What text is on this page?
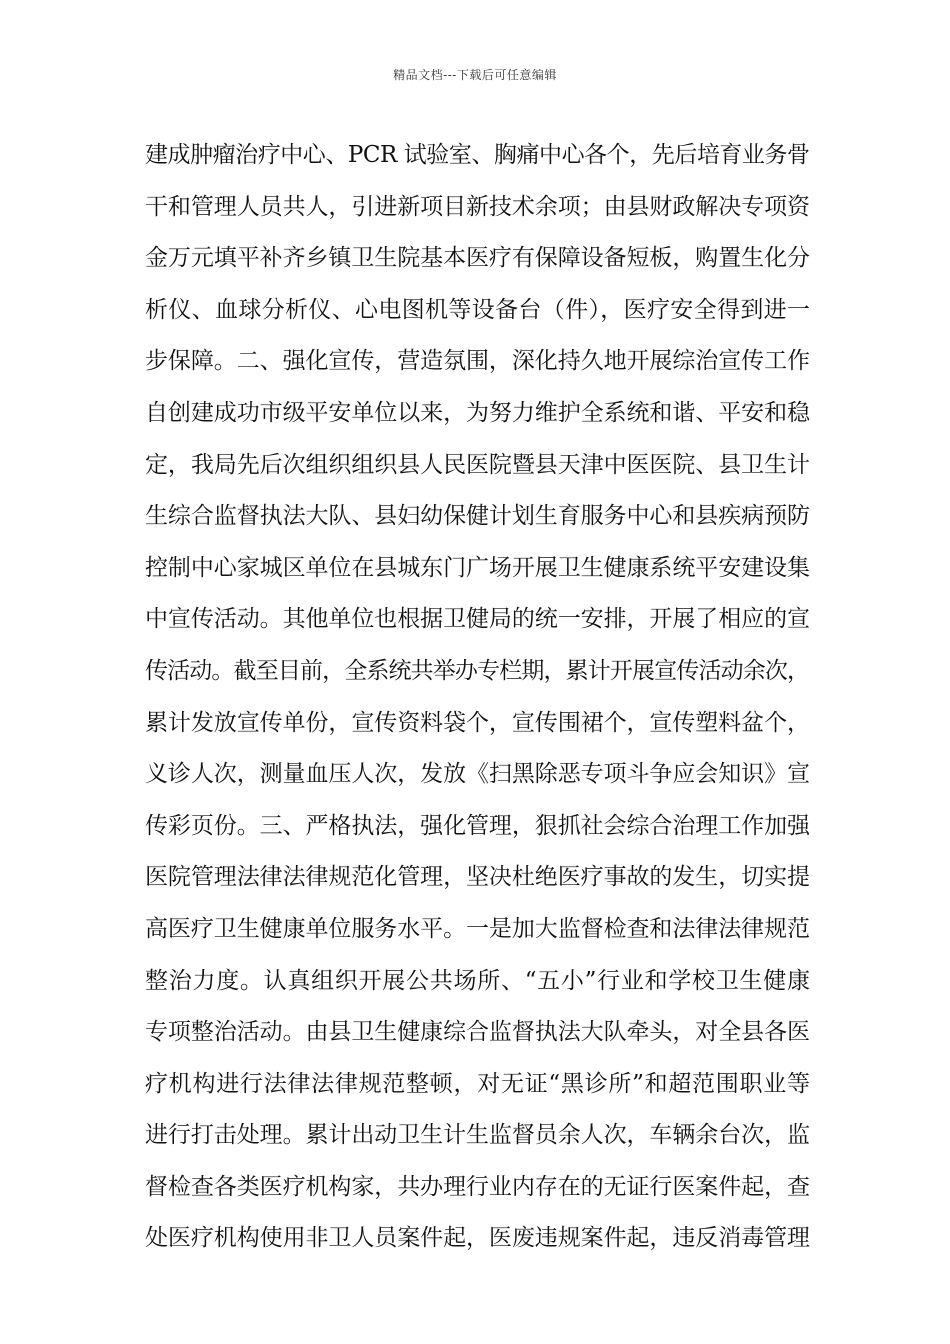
精品文档---下载后可任意编辑
建成肿瘤治疗中心、PCR 试验室、胸痛中心各个，先后培育业务骨
干和管理人员共人，引进新项目新技术余项；由县财政解决专项资
金万元填平补齐乡镇卫生院基本医疗有保障设备短板，购置生化分
析仪、血球分析仪、心电图机等设备台（件），医疗安全得到进一
步保障。二、强化宣传，营造氛围，深化持久地开展综治宣传工作
自创建成功市级平安单位以来，为努力维护全系统和谐、平安和稳
定，我局先后次组织组织县人民医院暨县天津中医医院、县卫生计
生综合监督执法大队、县妇幼保健计划生育服务中心和县疾病预防
控制中心家城区单位在县城东门广场开展卫生健康系统平安建设集
中宣传活动。其他单位也根据卫健局的统一安排，开展了相应的宣
传活动。截至目前，全系统共举办专栏期，累计开展宣传活动余次，
累计发放宣传单份，宣传资料袋个，宣传围裙个，宣传塑料盆个，
义诊人次，测量血压人次，发放《扫黑除恶专项斗争应会知识》宣
传彩页份。三、严格执法，强化管理，狠抓社会综合治理工作加强
医院管理法律法律规范化管理，坚决杜绝医疗事故的发生，切实提
高医疗卫生健康单位服务水平。一是加大监督检查和法律法律规范
整治力度。认真组织开展公共场所、“五小”行业和学校卫生健康
专项整治活动。由县卫生健康综合监督执法大队牵头，对全县各医
疗机构进行法律法律规范整顿，对无证“黑诊所”和超范围职业等
进行打击处理。累计出动卫生计生监督员余人次，车辆余台次，监
督检查各类医疗机构家，共办理行业内存在的无证行医案件起，查
处医疗机构使用非卫人员案件起，医废违规案件起，违反消毒管理
